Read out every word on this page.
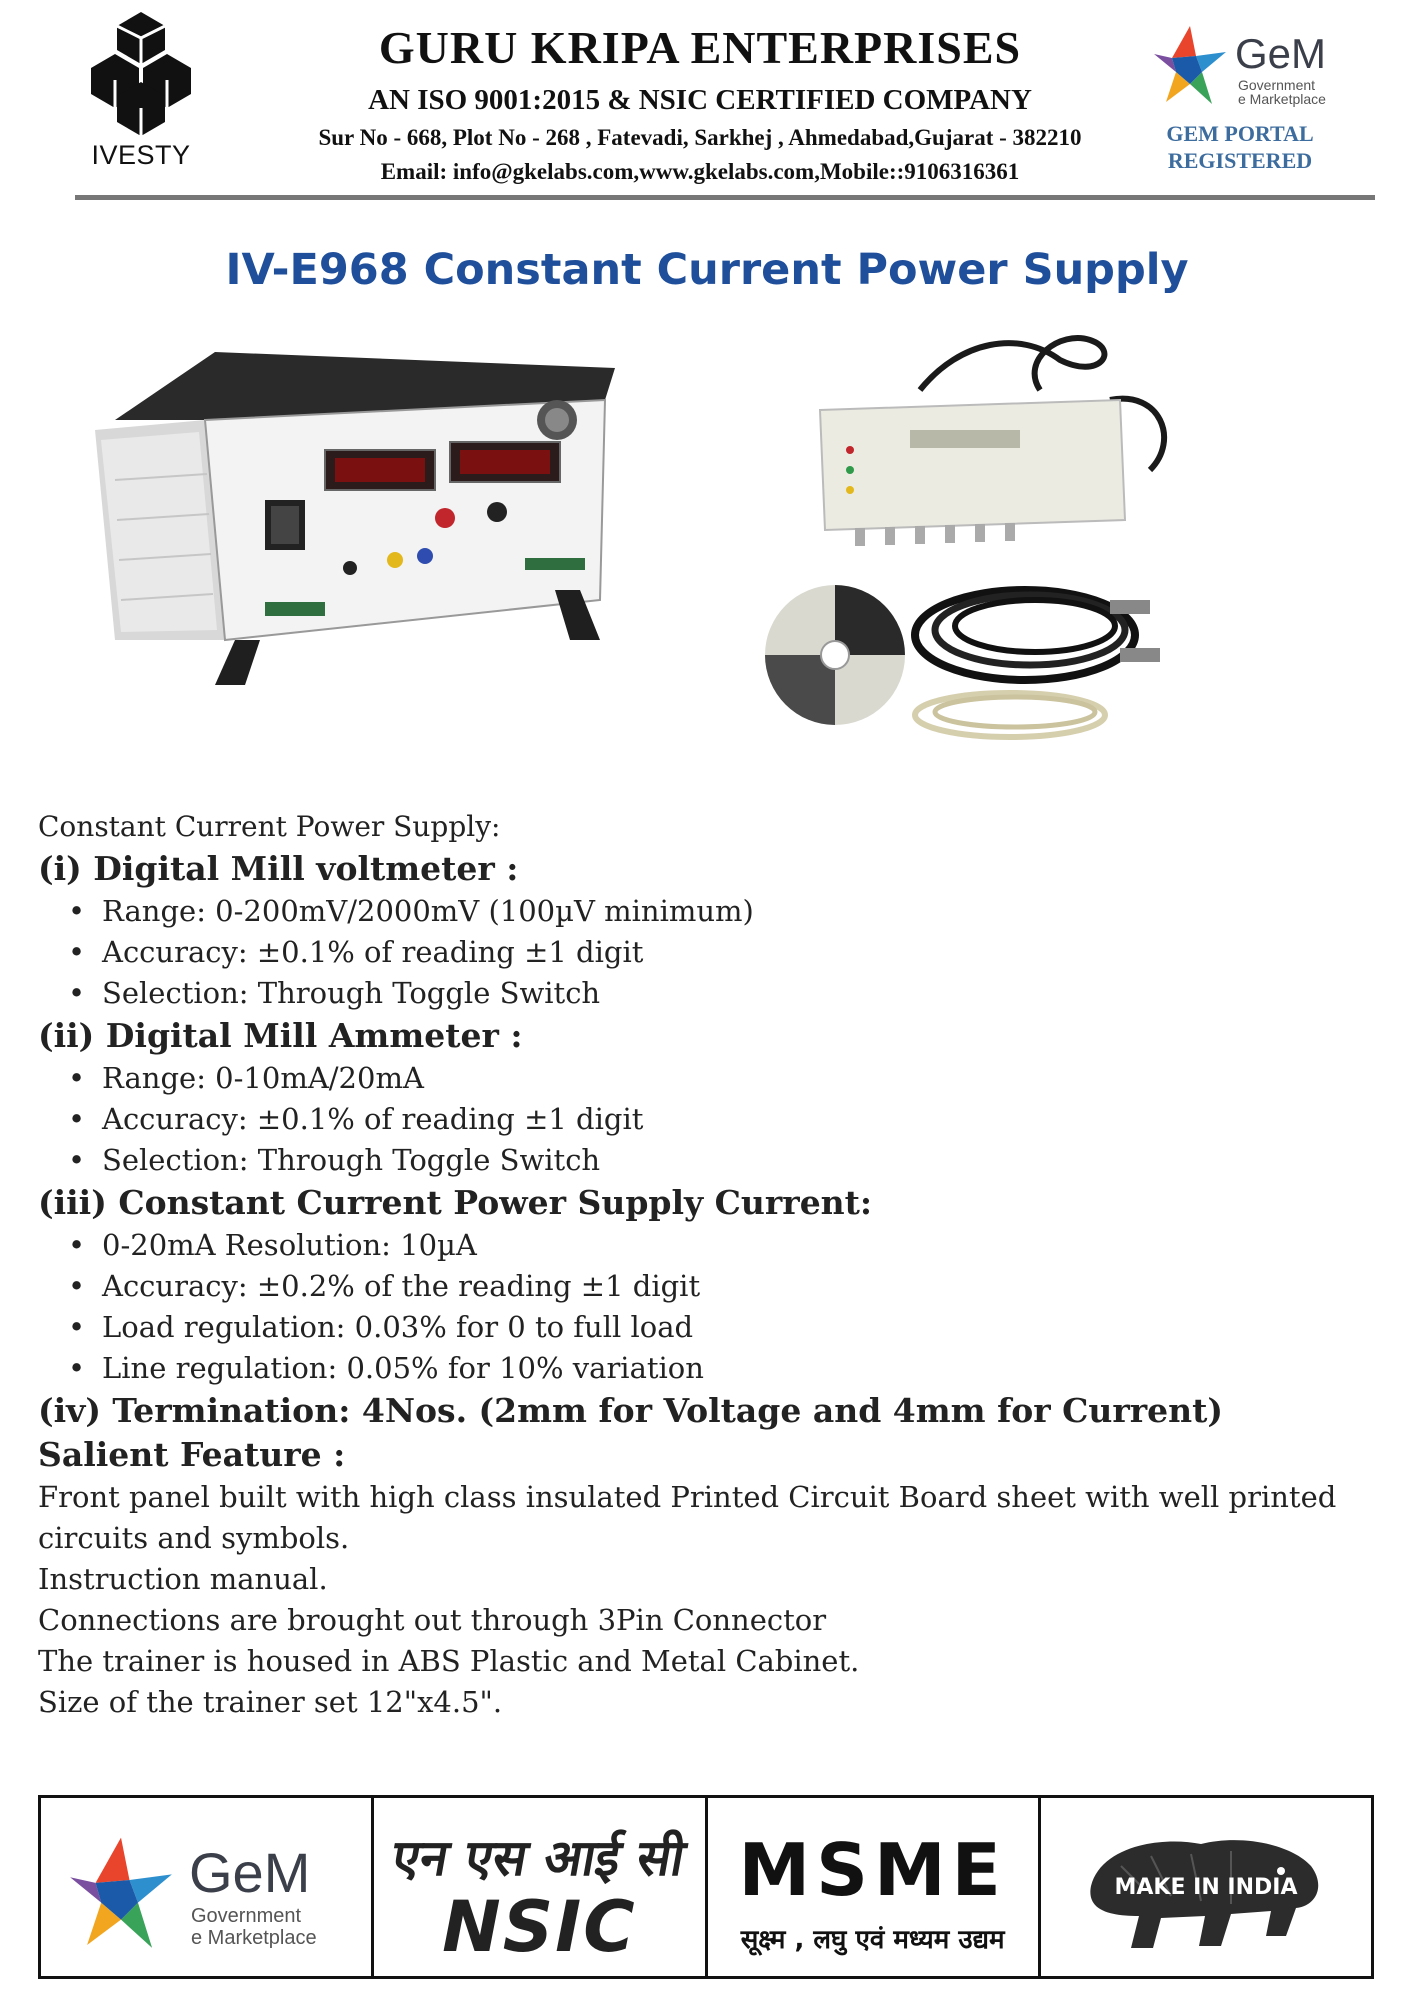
IVESTY
GURU KRIPA ENTERPRISES
AN ISO 9001:2015 & NSIC CERTIFIED COMPANY
Sur No - 668, Plot No - 268 , Fatevadi, Sarkhej , Ahmedabad,Gujarat - 382210
Email: info@gkelabs.com,www.gkelabs.com,Mobile::9106316361
GeM
Government
e Marketplace
GEM PORTAL
REGISTERED
IV-E968 Constant Current Power Supply
Constant Current Power Supply:
(i) Digital Mill voltmeter :
• Range: 0-200mV/2000mV (100µV minimum)
• Accuracy: ±0.1% of reading ±1 digit
• Selection: Through Toggle Switch
(ii) Digital Mill Ammeter :
• Range: 0-10mA/20mA
• Accuracy: ±0.1% of reading ±1 digit
• Selection: Through Toggle Switch
(iii) Constant Current Power Supply Current:
• 0-20mA Resolution: 10µA
• Accuracy: ±0.2% of the reading ±1 digit
• Load regulation: 0.03% for 0 to full load
• Line regulation: 0.05% for 10% variation
(iv) Termination: 4Nos. (2mm for Voltage and 4mm for Current)
Salient Feature :
Front panel built with high class insulated Printed Circuit Board sheet with well printed circuits and symbols.
Instruction manual.
Connections are brought out through 3Pin Connector
The trainer is housed in ABS Plastic and Metal Cabinet.
Size of the trainer set 12"x4.5".
GeM
Government
e Marketplace
एन एस आई सी
NSIC
MSME
सूक्ष्म , लघु एवं मध्यम उद्यम
MAKE IN INDIA
